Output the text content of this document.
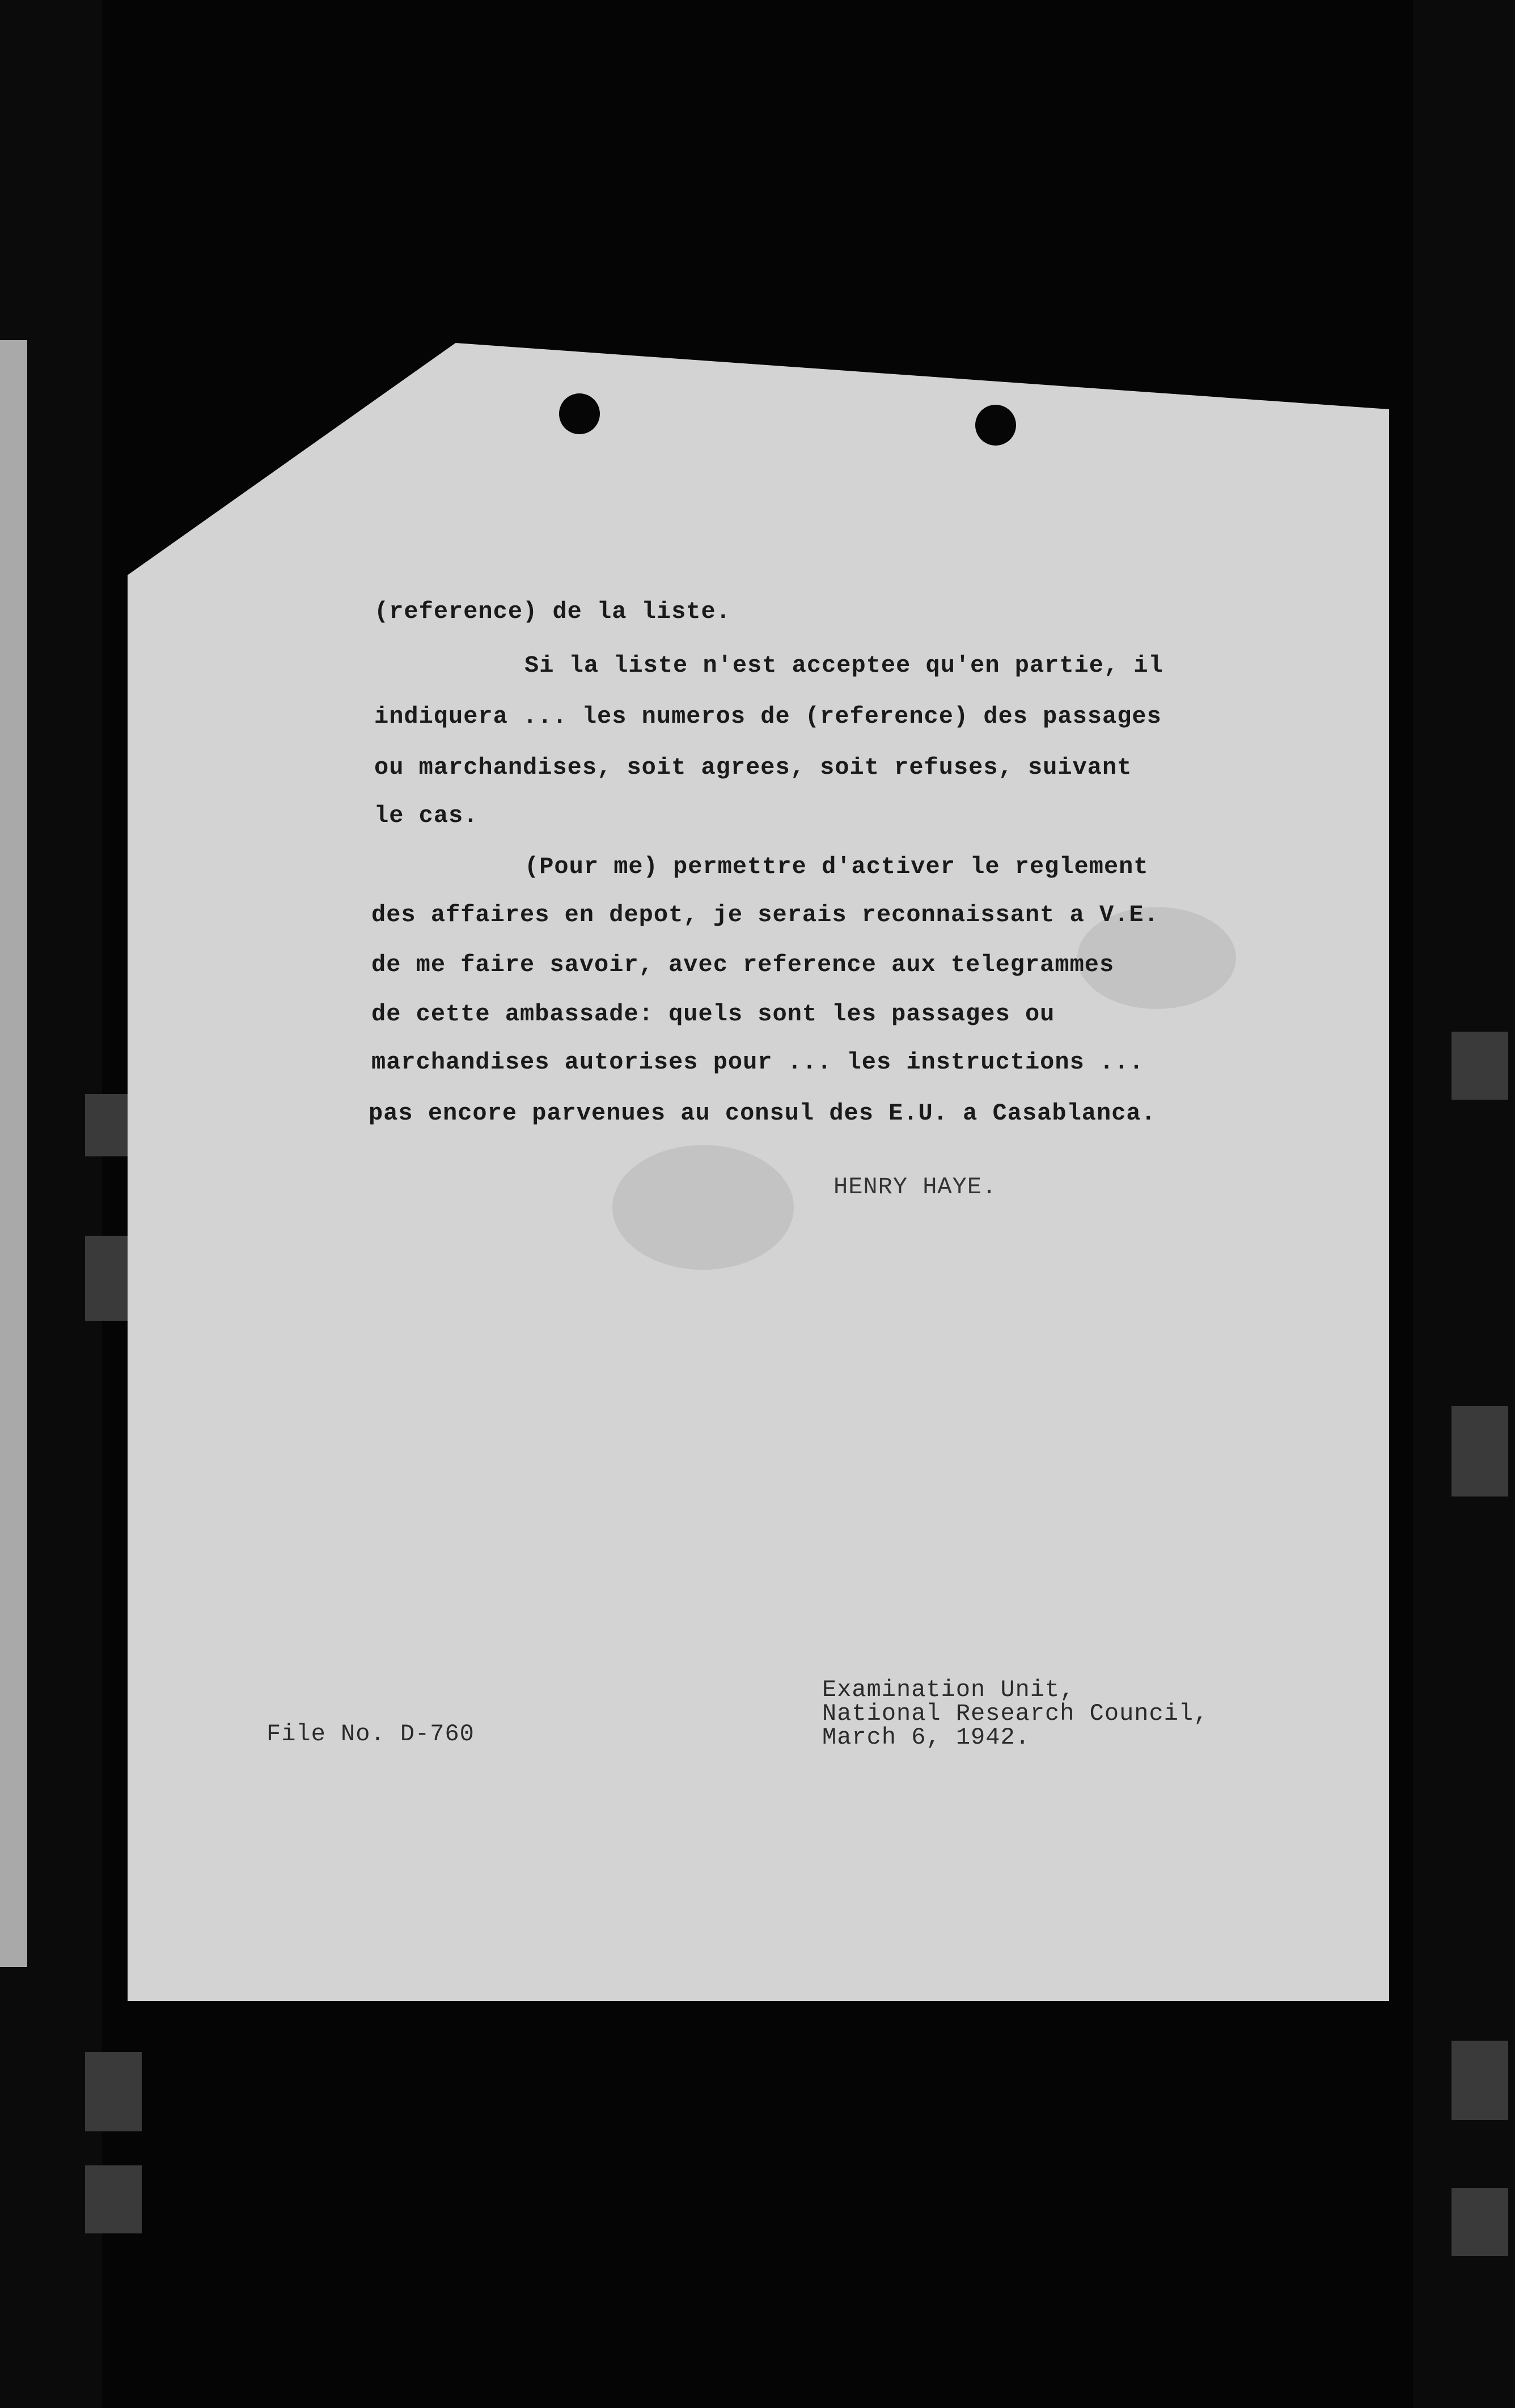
(reference) de la liste.
Si la liste n'est acceptee qu'en partie, il
indiquera ... les numeros de (reference) des passages
ou marchandises, soit agrees, soit refuses, suivant
le cas.
(Pour me) permettre d'activer le reglement
des affaires en depot, je serais reconnaissant a V.E.
de me faire savoir, avec reference aux telegrammes
de cette ambassade: quels sont les passages ou
marchandises autorises pour ... les instructions ...
pas encore parvenues au consul des E.U. a Casablanca.
HENRY HAYE.
File No. D-760
Examination Unit,
National Research Council,
March 6, 1942.
